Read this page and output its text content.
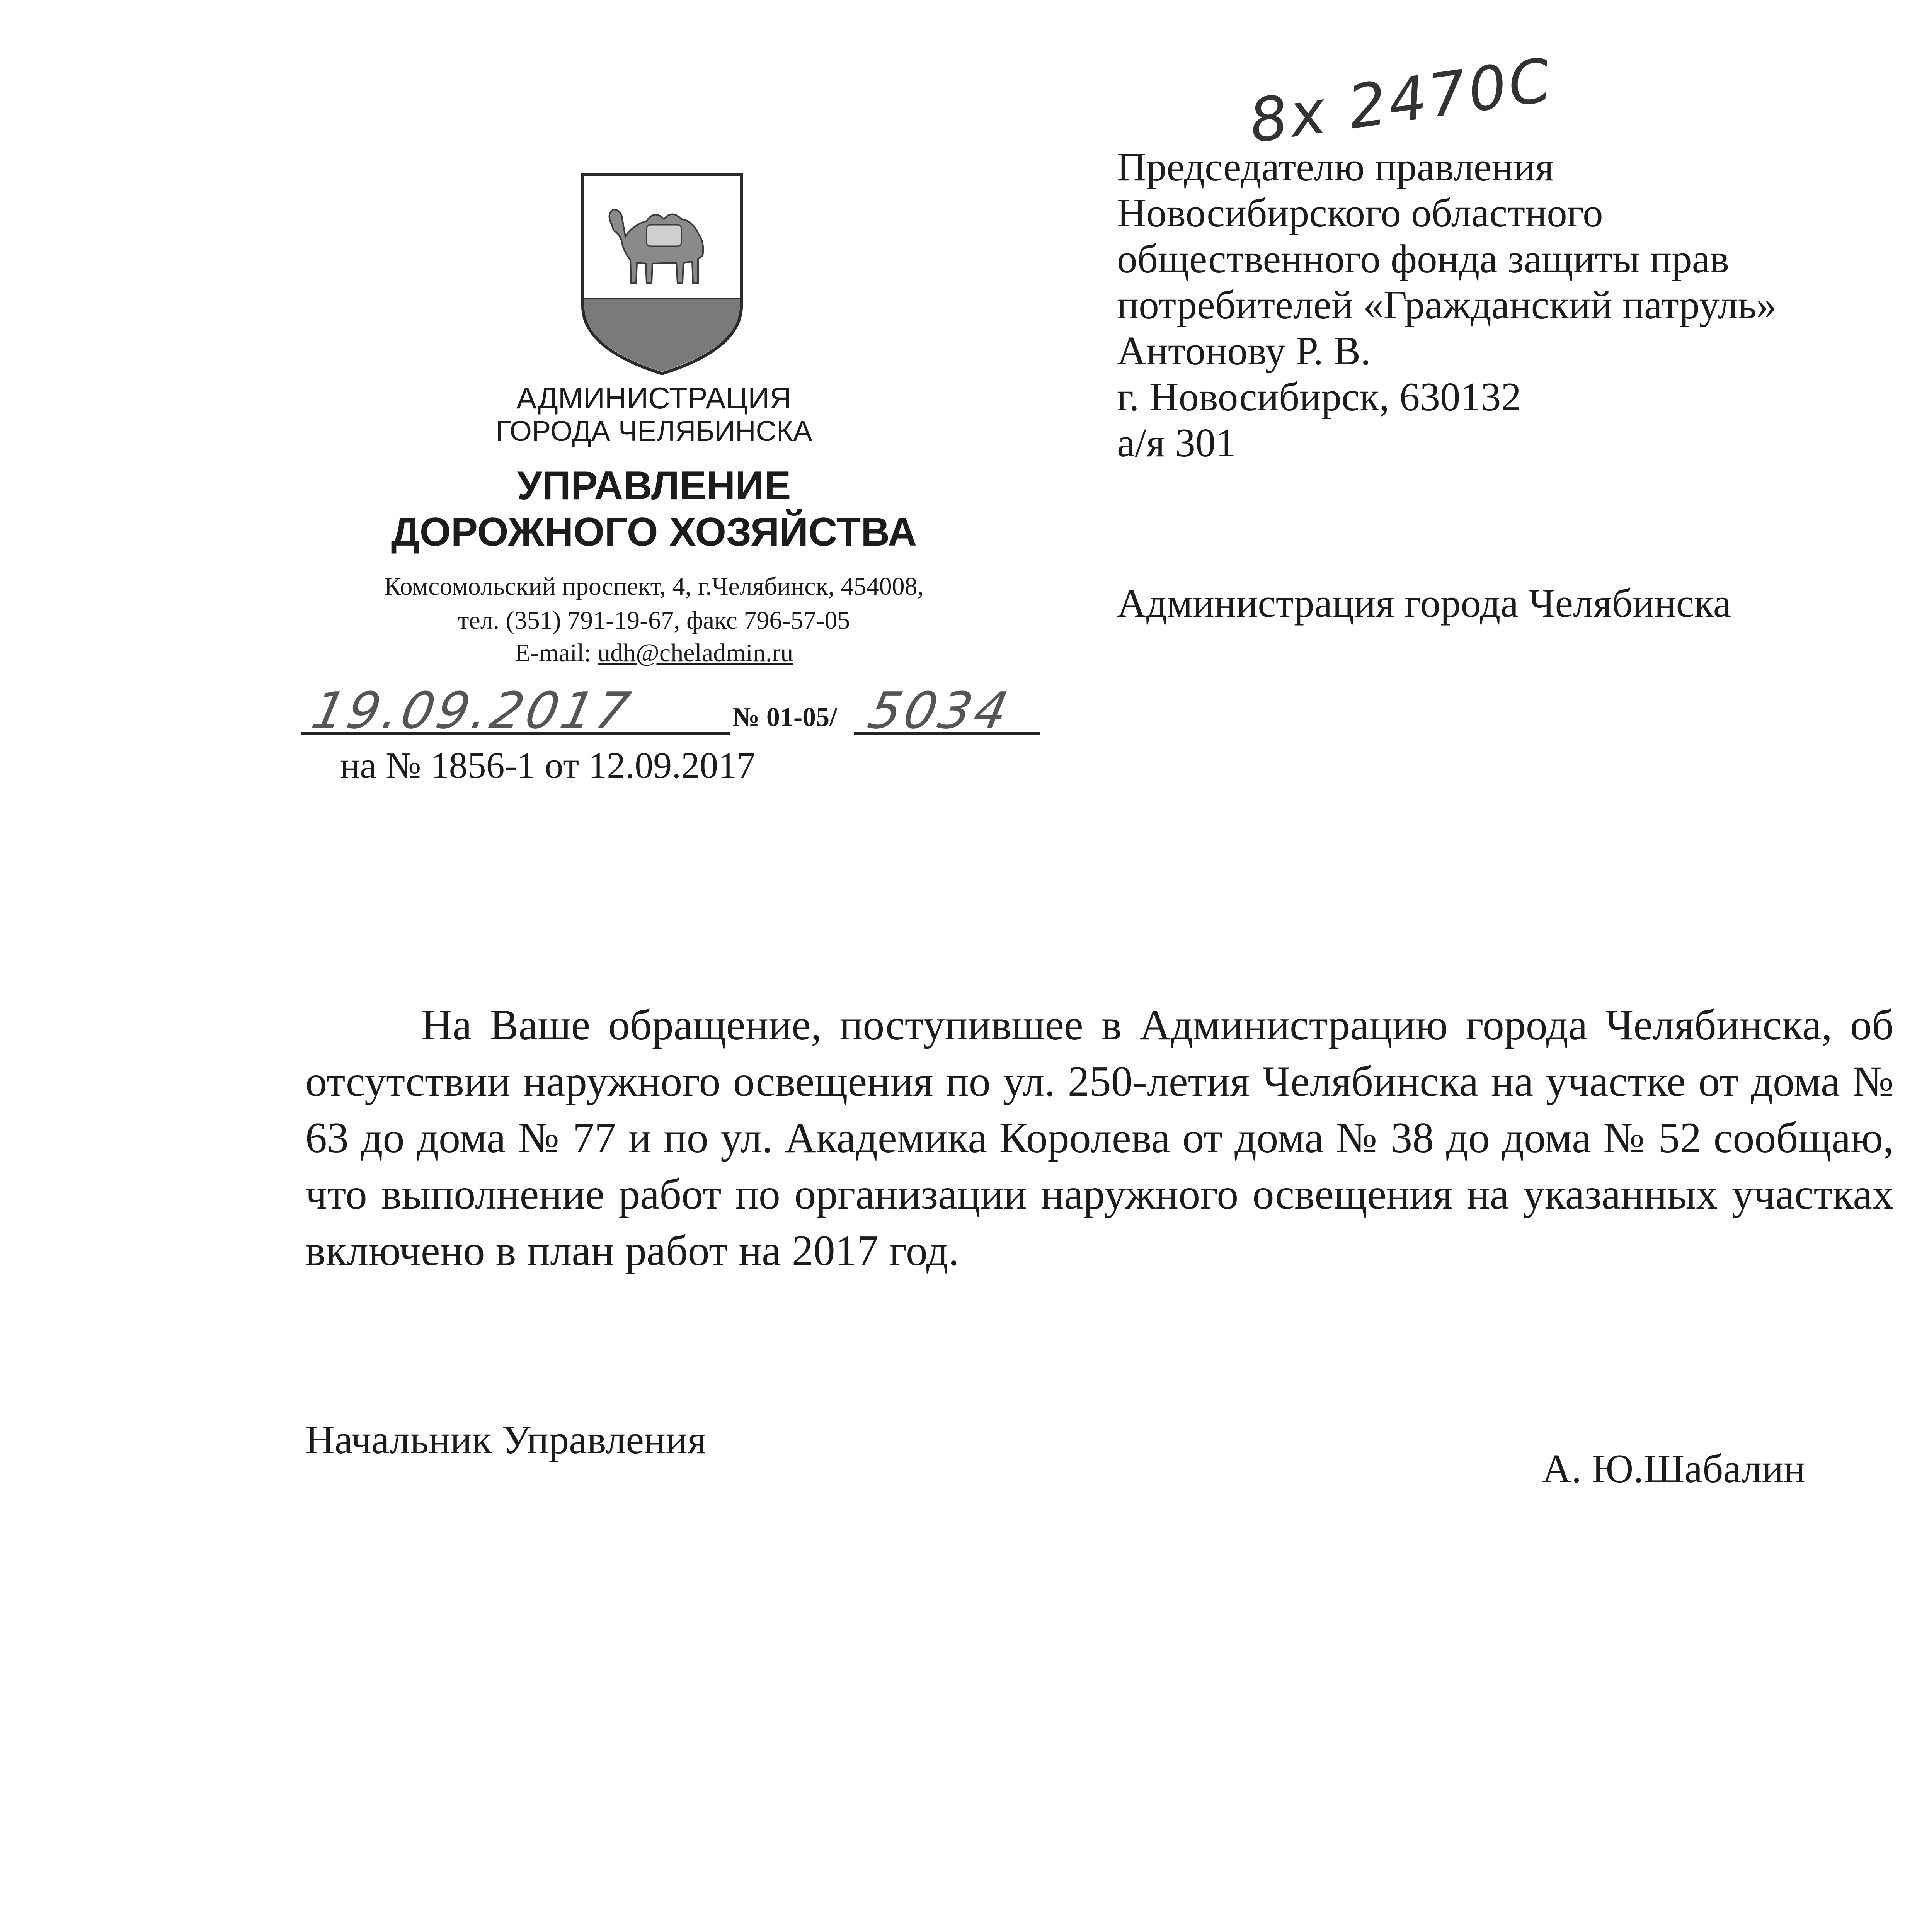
8x 2470С
АДМИНИСТРАЦИЯ
ГОРОДА ЧЕЛЯБИНСКА
УПРАВЛЕНИЕ
ДОРОЖНОГО ХОЗЯЙСТВА
Комсомольский проспект, 4, г.Челябинск, 454008,
тел. (351) 791-19-67, факс 796-57-05
E-mail: udh@cheladmin.ru
19.09.2017	№ 01-05/ 5034
на № 1856-1 от 12.09.2017
Председателю правления
Новосибирского областного
общественного фонда защиты прав
потребителей «Гражданский патруль»
Антонову Р. В.
г. Новосибирск, 630132
а/я 301
Администрация города Челябинска
На Ваше обращение, поступившее в Администрацию города Челябинска, об отсутствии наружного освещения по ул. 250-летия Челябинска на участке от дома № 63 до дома № 77 и по ул. Академика Королева от дома № 38 до дома № 52 сообщаю, что выполнение работ по организации наружного освещения на указанных участках включено в план работ на 2017 год.
Начальник Управления
А. Ю.Шабалин
